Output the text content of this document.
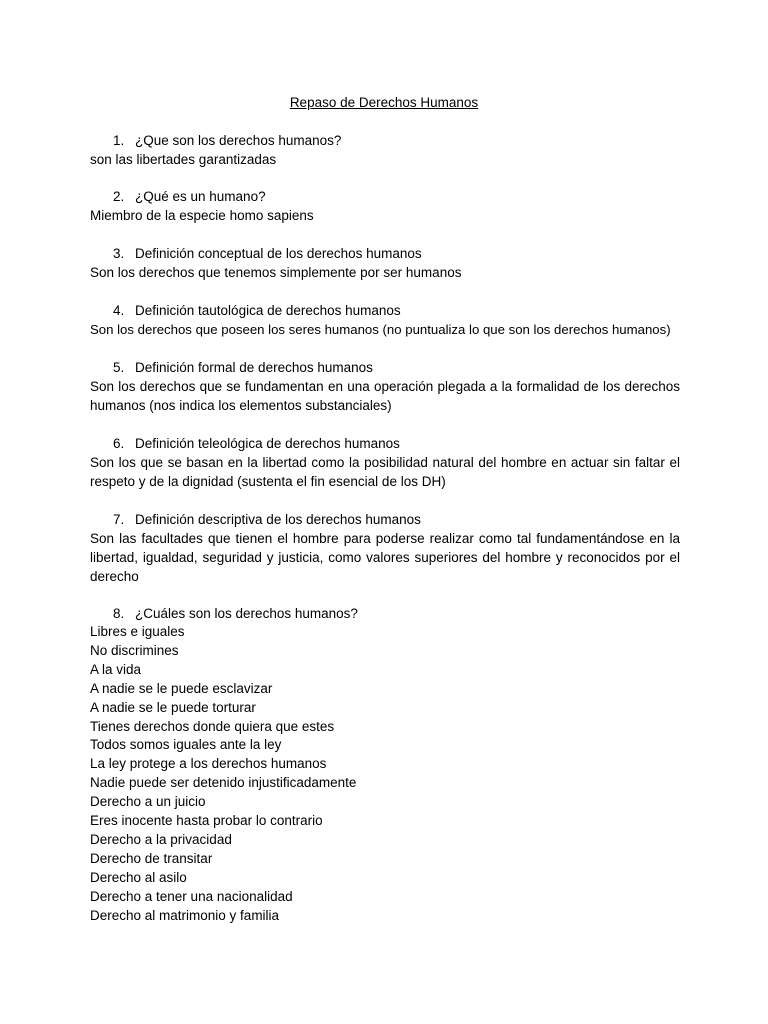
Repaso de Derechos Humanos
1. ¿Que son los derechos humanos?
son las libertades garantizadas
2. ¿Qué es un humano?
Miembro de la especie homo sapiens
3. Definición conceptual de los derechos humanos
Son los derechos que tenemos simplemente por ser humanos
4. Definición tautológica de derechos humanos
Son los derechos que poseen los seres humanos (no puntualiza lo que son los derechos humanos)
5. Definición formal de derechos humanos
Son los derechos que se fundamentan en una operación plegada a la formalidad de los derechos humanos (nos indica los elementos substanciales)
6. Definición teleológica de derechos humanos
Son los que se basan en la libertad como la posibilidad natural del hombre en actuar sin faltar el respeto y de la dignidad (sustenta el fin esencial de los DH)
7. Definición descriptiva de los derechos humanos
Son las facultades que tienen el hombre para poderse realizar como tal fundamentándose en la libertad, igualdad, seguridad y justicia, como valores superiores del hombre y reconocidos por el derecho
8. ¿Cuáles son los derechos humanos?
Libres e iguales
No discrimines
A la vida
A nadie se le puede esclavizar
A nadie se le puede torturar
Tienes derechos donde quiera que estes
Todos somos iguales ante la ley
La ley protege a los derechos humanos
Nadie puede ser detenido injustificadamente
Derecho a un juicio
Eres inocente hasta probar lo contrario
Derecho a la privacidad
Derecho de transitar
Derecho al asilo
Derecho a tener una nacionalidad
Derecho al matrimonio y familia
